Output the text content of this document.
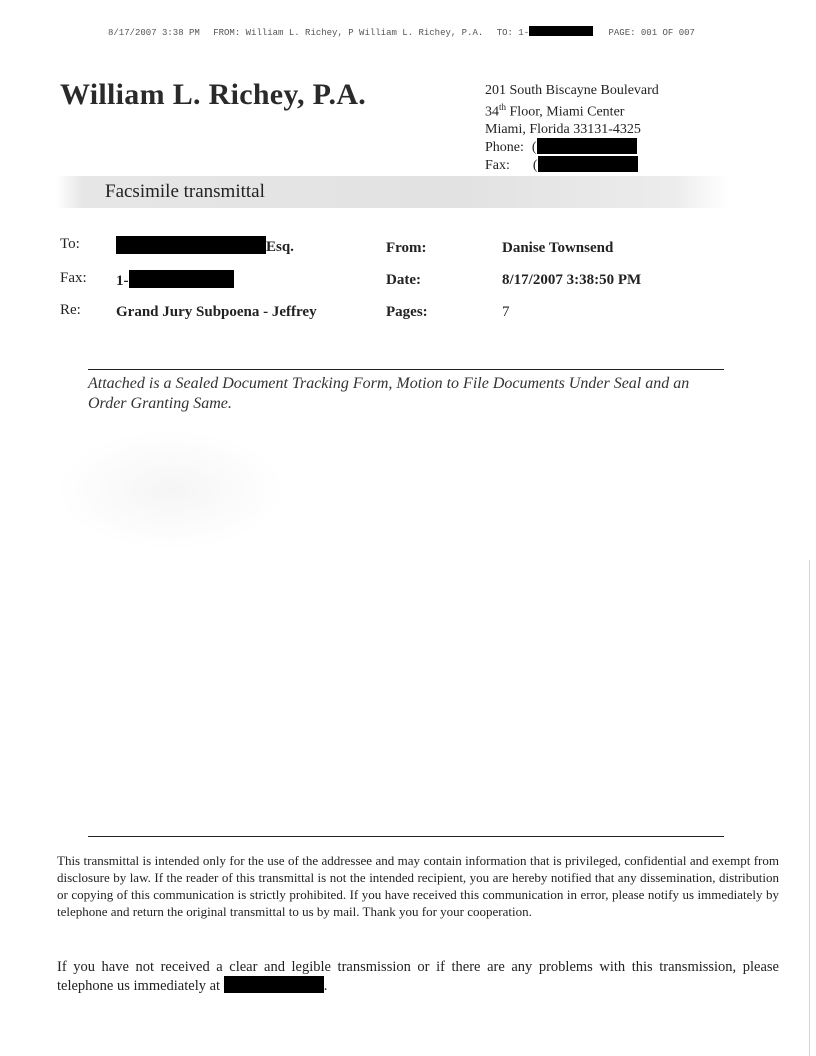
8/17/2007 3:38 PM FROM: William L. Richey, P William L. Richey, P.A. TO: 1-	PAGE: 001 OF 007
William L. Richey, P.A.	201 South Biscayne Boulevard
34th Floor, Miami Center
Miami, Florida 33131-4325
Phone: (
Fax: (
Facsimile transmittal
To:	Esq.
Fax: 1-
Re: Grand Jury Subpoena - Jeffrey
From:	Danise Townsend
Date:	8/17/2007 3:38:50 PM
Pages:	7
Attached is a Sealed Document Tracking Form, Motion to File Documents Under Seal and an Order Granting Same.
This transmittal is intended only for the use of the addressee and may contain information that is privileged, confidential and exempt from disclosure by law. If the reader of this transmittal is not the intended recipient, you are hereby notified that any dissemination, distribution or copying of this communication is strictly prohibited. If you have received this communication in error, please notify us immediately by telephone and return the original transmittal to us by mail. Thank you for your cooperation.
If you have not received a clear and legible transmission or if there are any problems with this transmission, please telephone us immediately at	.
